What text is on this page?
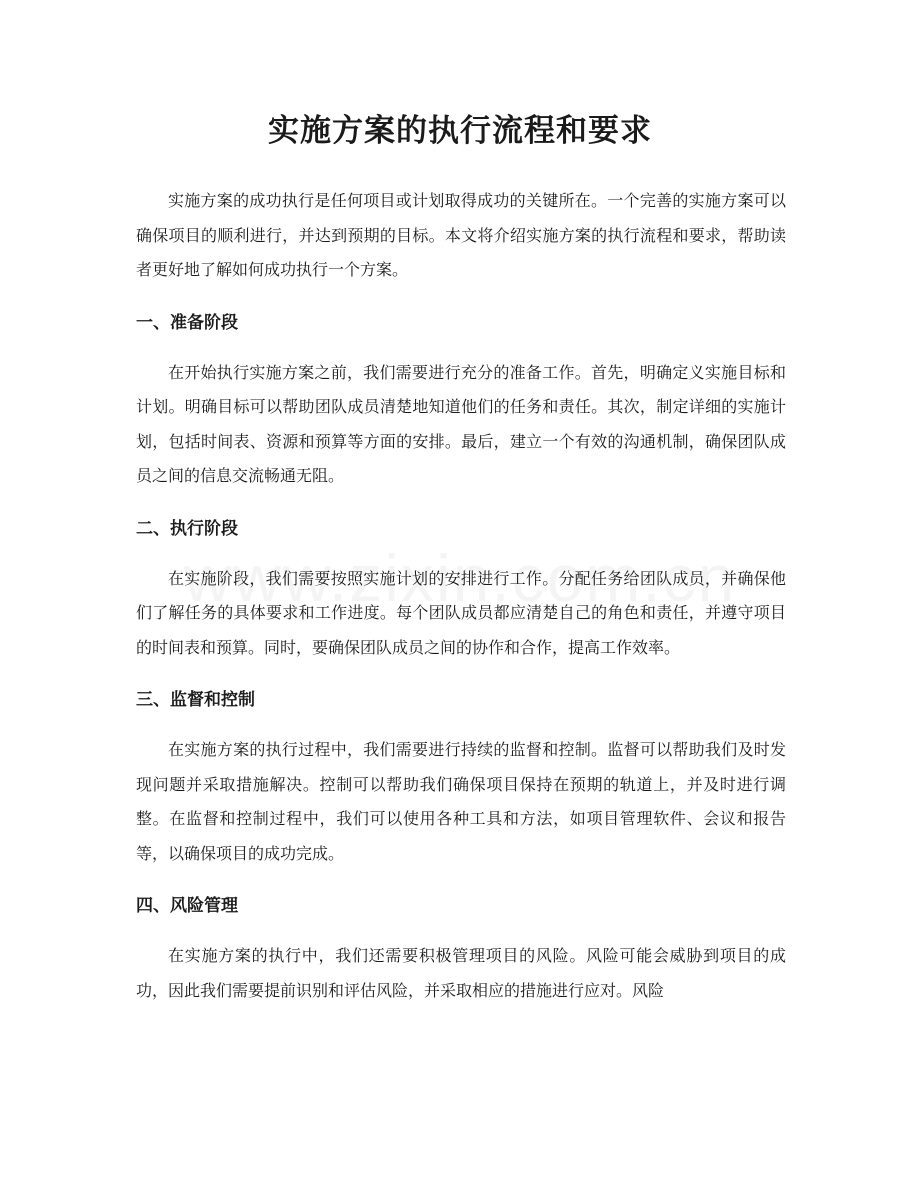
实施方案的执行流程和要求

实施方案的成功执行是任何项目或计划取得成功的关键所在。一个完善的实施方案可以确保项目的顺利进行，并达到预期的目标。本文将介绍实施方案的执行流程和要求，帮助读者更好地了解如何成功执行一个方案。

一、准备阶段

在开始执行实施方案之前，我们需要进行充分的准备工作。首先，明确定义实施目标和计划。明确目标可以帮助团队成员清楚地知道他们的任务和责任。其次，制定详细的实施计划，包括时间表、资源和预算等方面的安排。最后，建立一个有效的沟通机制，确保团队成员之间的信息交流畅通无阻。

二、执行阶段

在实施阶段，我们需要按照实施计划的安排进行工作。分配任务给团队成员，并确保他们了解任务的具体要求和工作进度。每个团队成员都应清楚自己的角色和责任，并遵守项目的时间表和预算。同时，要确保团队成员之间的协作和合作，提高工作效率。

三、监督和控制

在实施方案的执行过程中，我们需要进行持续的监督和控制。监督可以帮助我们及时发现问题并采取措施解决。控制可以帮助我们确保项目保持在预期的轨道上，并及时进行调整。在监督和控制过程中，我们可以使用各种工具和方法，如项目管理软件、会议和报告等，以确保项目的成功完成。

四、风险管理

在实施方案的执行中，我们还需要积极管理项目的风险。风险可能会威胁到项目的成功，因此我们需要提前识别和评估风险，并采取相应的措施进行应对。风险
